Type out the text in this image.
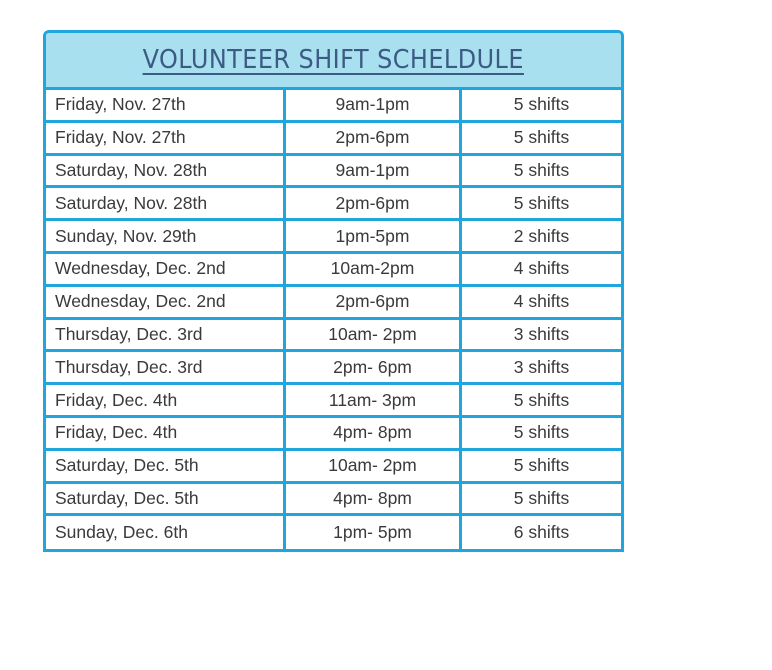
VOLUNTEER SHIFT SCHELDULE
Friday, Nov. 27th	9am-1pm	5 shifts
Friday, Nov. 27th	2pm-6pm	5 shifts
Saturday, Nov. 28th	9am-1pm	5 shifts
Saturday, Nov. 28th	2pm-6pm	5 shifts
Sunday, Nov. 29th	1pm-5pm	2 shifts
Wednesday, Dec. 2nd	10am-2pm	4 shifts
Wednesday, Dec. 2nd	2pm-6pm	4 shifts
Thursday, Dec. 3rd	10am- 2pm	3 shifts
Thursday, Dec. 3rd	2pm- 6pm	3 shifts
Friday, Dec. 4th	11am- 3pm	5 shifts
Friday, Dec. 4th	4pm- 8pm	5 shifts
Saturday, Dec. 5th	10am- 2pm	5 shifts
Saturday, Dec. 5th	4pm- 8pm	5 shifts
Sunday, Dec. 6th	1pm- 5pm	6 shifts
